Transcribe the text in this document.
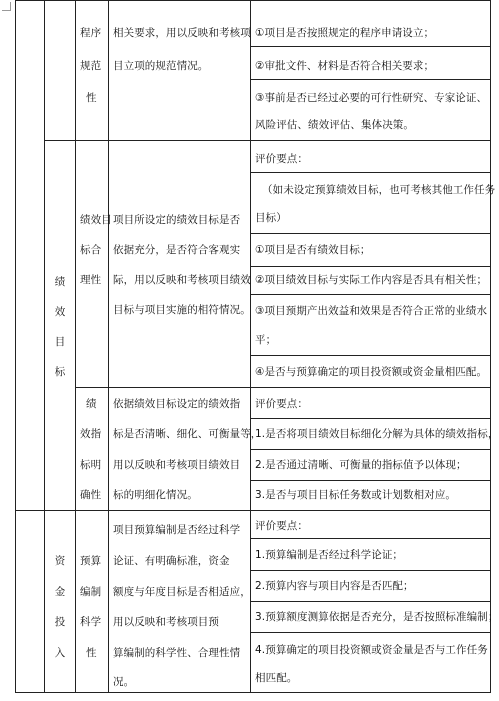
程序
规范
性
相关要求，用以反映和考核项
目立项的规范情况。
①项目是否按照规定的程序申请设立；
②审批文件、材料是否符合相关要求；
③事前是否已经过必要的可行性研究、专家论证、
风险评估、绩效评估、集体决策。
绩
效
目
标
绩效目
标合
理性
项目所设定的绩效目标是否
依据充分，是否符合客观实
际，用以反映和考核项目绩效
目标与项目实施的相符情况。
评价要点：
（如未设定预算绩效目标，也可考核其他工作任务
目标）
①项目是否有绩效目标；
②项目绩效目标与实际工作内容是否具有相关性；
③项目预期产出效益和效果是否符合正常的业绩水
平；
④是否与预算确定的项目投资额或资金量相匹配。
绩
效指
标明
确性
依据绩效目标设定的绩效指
标是否清晰、细化、可衡量等，
用以反映和考核项目绩效目
标的明细化情况。
评价要点：
1.是否将项目绩效目标细化分解为具体的绩效指标，
2.是否通过清晰、可衡量的指标值予以体现；
3.是否与项目目标任务数或计划数相对应。
资
金
投
入
预算
编制
科学
性
项目预算编制是否经过科学
论证、有明确标准，资金
额度与年度目标是否相适应，
用以反映和考核项目预
算编制的科学性、合理性情
况。
评价要点：
1.预算编制是否经过科学论证；
2.预算内容与项目内容是否匹配；
3.预算额度测算依据是否充分，是否按照标准编制；
4.预算确定的项目投资额或资金量是否与工作任务
相匹配。
